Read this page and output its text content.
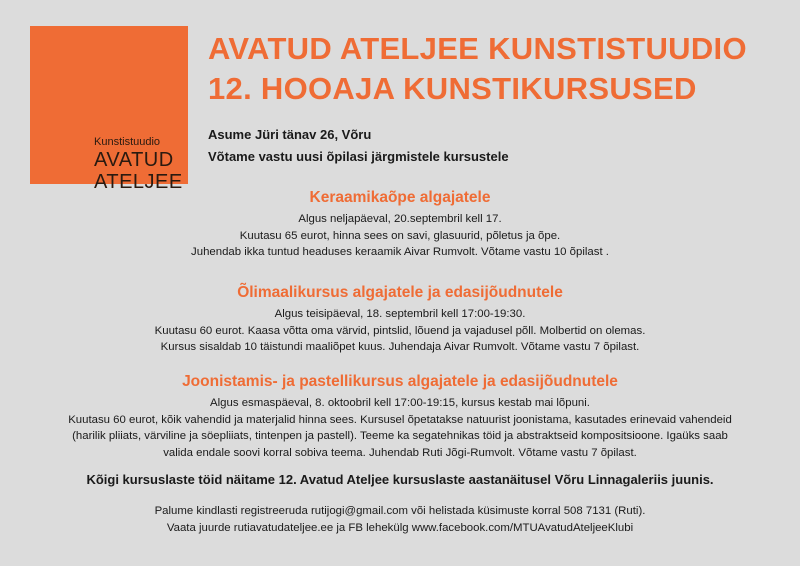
Kunstistuudio
AVATUD
ATELJEE
AVATUD ATELJEE KUNSTISTUUDIO
12. HOOAJA KUNSTIKURSUSED
Asume Jüri tänav 26, Võru
Võtame vastu uusi õpilasi järgmistele kursustele
Keraamikaõpe algajatele
Algus neljapäeval, 20.septembril kell 17.
Kuutasu 65 eurot, hinna sees on savi, glasuurid, põletus ja õpe.
Juhendab ikka tuntud headuses keraamik Aivar Rumvolt. Võtame vastu 10 õpilast .
Õlimaalikursus algajatele ja edasijõudnutele
Algus teisipäeval, 18. septembril kell 17:00-19:30.
Kuutasu 60 eurot. Kaasa võtta oma värvid, pintslid, lõuend ja vajadusel põll. Molbertid on olemas.
Kursus sisaldab 10 täistundi maaliõpet kuus. Juhendaja Aivar Rumvolt. Võtame vastu 7 õpilast.
Joonistamis- ja pastellikursus algajatele ja edasijõudnutele
Algus esmaspäeval, 8. oktoobril kell 17:00-19:15, kursus kestab mai lõpuni.
Kuutasu 60 eurot, kõik vahendid ja materjalid hinna sees. Kursusel õpetatakse natuurist joonistama, kasutades erinevaid vahendeid
(harilik pliiats, värviline ja söepliiats, tintenpen ja pastell). Teeme ka segatehnikas töid ja abstraktseid kompositsioone. Igaüks saab
valida endale soovi korral sobiva teema. Juhendab Ruti Jõgi-Rumvolt. Võtame vastu 7 õpilast.
Kõigi kursuslaste töid näitame 12. Avatud Ateljee kursuslaste aastanäitusel Võru Linnagaleriis juunis.
Palume kindlasti registreeruda rutijogi@gmail.com või helistada küsimuste korral 508 7131 (Ruti).
Vaata juurde rutiavatudateljee.ee ja FB lehekülg www.facebook.com/MTUAvatudAteljeeKlubi
